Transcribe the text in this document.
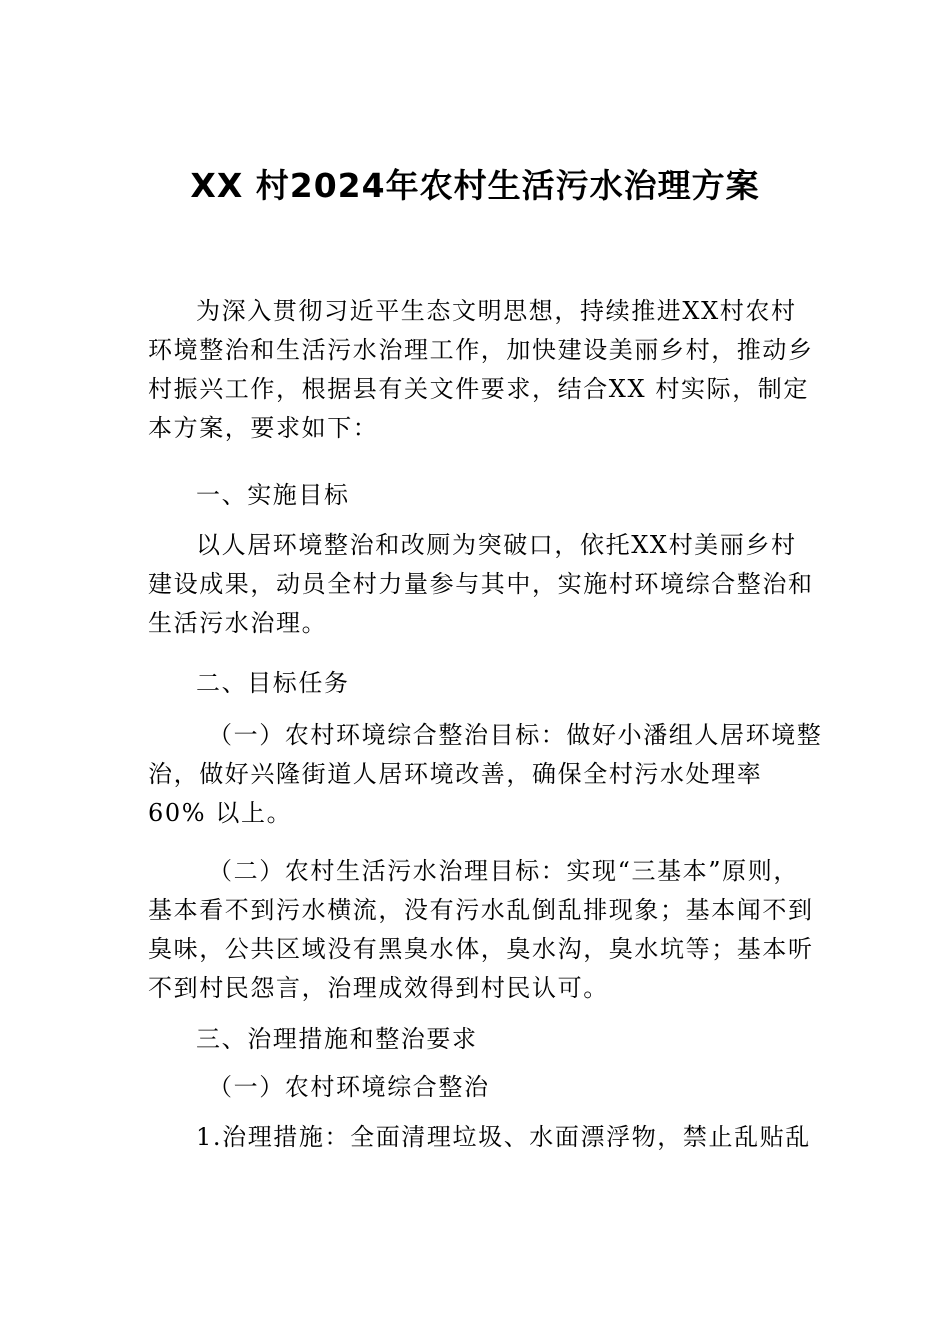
XX 村2024年农村生活污水治理方案
为深入贯彻习近平生态文明思想，持续推进XX村农村
环境整治和生活污水治理工作，加快建设美丽乡村，推动乡
村振兴工作，根据县有关文件要求，结合XX 村实际，制定
本方案，要求如下：
一、实施目标
以人居环境整治和改厕为突破口，依托XX村美丽乡村
建设成果，动员全村力量参与其中，实施村环境综合整治和
生活污水治理。
二、目标任务
（一）农村环境综合整治目标：做好小潘组人居环境整
治，做好兴隆街道人居环境改善，确保全村污水处理率
60% 以上。
（二）农村生活污水治理目标：实现“三基本”原则，
基本看不到污水横流，没有污水乱倒乱排现象；基本闻不到
臭味，公共区域没有黑臭水体，臭水沟，臭水坑等；基本听
不到村民怨言，治理成效得到村民认可。
三、治理措施和整治要求
（一）农村环境综合整治
1.治理措施：全面清理垃圾、水面漂浮物，禁止乱贴乱
